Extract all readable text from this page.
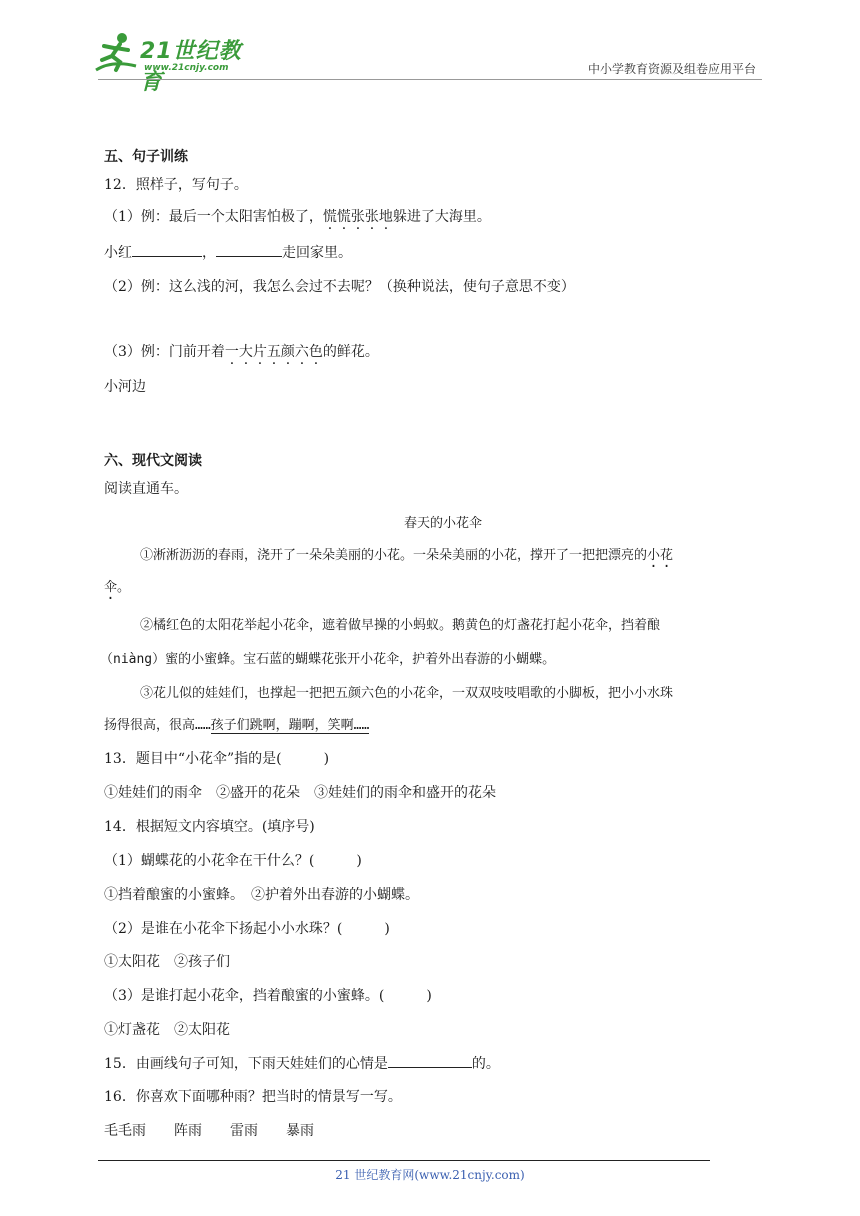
21世纪教育
www.21cnjy.com	中小学教育资源及组卷应用平台
五、句子训练
12．照样子，写句子。
（1）例：最后一个太阳害怕极了，慌慌张张地躲进了大海里。
小红	，	走回家里。
（2）例：这么浅的河，我怎么会过不去呢？（换种说法，使句子意思不变）
（3）例：门前开着一大片五颜六色的鲜花。
小河边
六、现代文阅读
阅读直通车。
春天的小花伞
①淅淅沥沥的春雨，浇开了一朵朵美丽的小花。一朵朵美丽的小花，撑开了一把把漂亮的小花
伞。
②橘红色的太阳花举起小花伞，遮着做早操的小蚂蚁。鹅黄色的灯盏花打起小花伞，挡着酿
（niàng）蜜的小蜜蜂。宝石蓝的蝴蝶花张开小花伞，护着外出春游的小蝴蝶。
③花儿似的娃娃们，也撑起一把把五颜六色的小花伞，一双双吱吱唱歌的小脚板，把小小水珠
扬得很高，很高……孩子们跳啊，蹦啊，笑啊……
13．题目中“小花伞”指的是(　　　)
①娃娃们的雨伞　②盛开的花朵　③娃娃们的雨伞和盛开的花朵
14．根据短文内容填空。(填序号)
（1）蝴蝶花的小花伞在干什么？(　　　)
①挡着酿蜜的小蜜蜂。　②护着外出春游的小蝴蝶。
（2）是谁在小花伞下扬起小小水珠？(　　　)
①太阳花　②孩子们
（3）是谁打起小花伞，挡着酿蜜的小蜜蜂。(　　　)
①灯盏花　②太阳花
15．由画线句子可知，下雨天娃娃们的心情是	的。
16．你喜欢下面哪种雨？把当时的情景写一写。
毛毛雨　　阵雨　　雷雨　　暴雨
21 世纪教育网(www.21cnjy.com)
